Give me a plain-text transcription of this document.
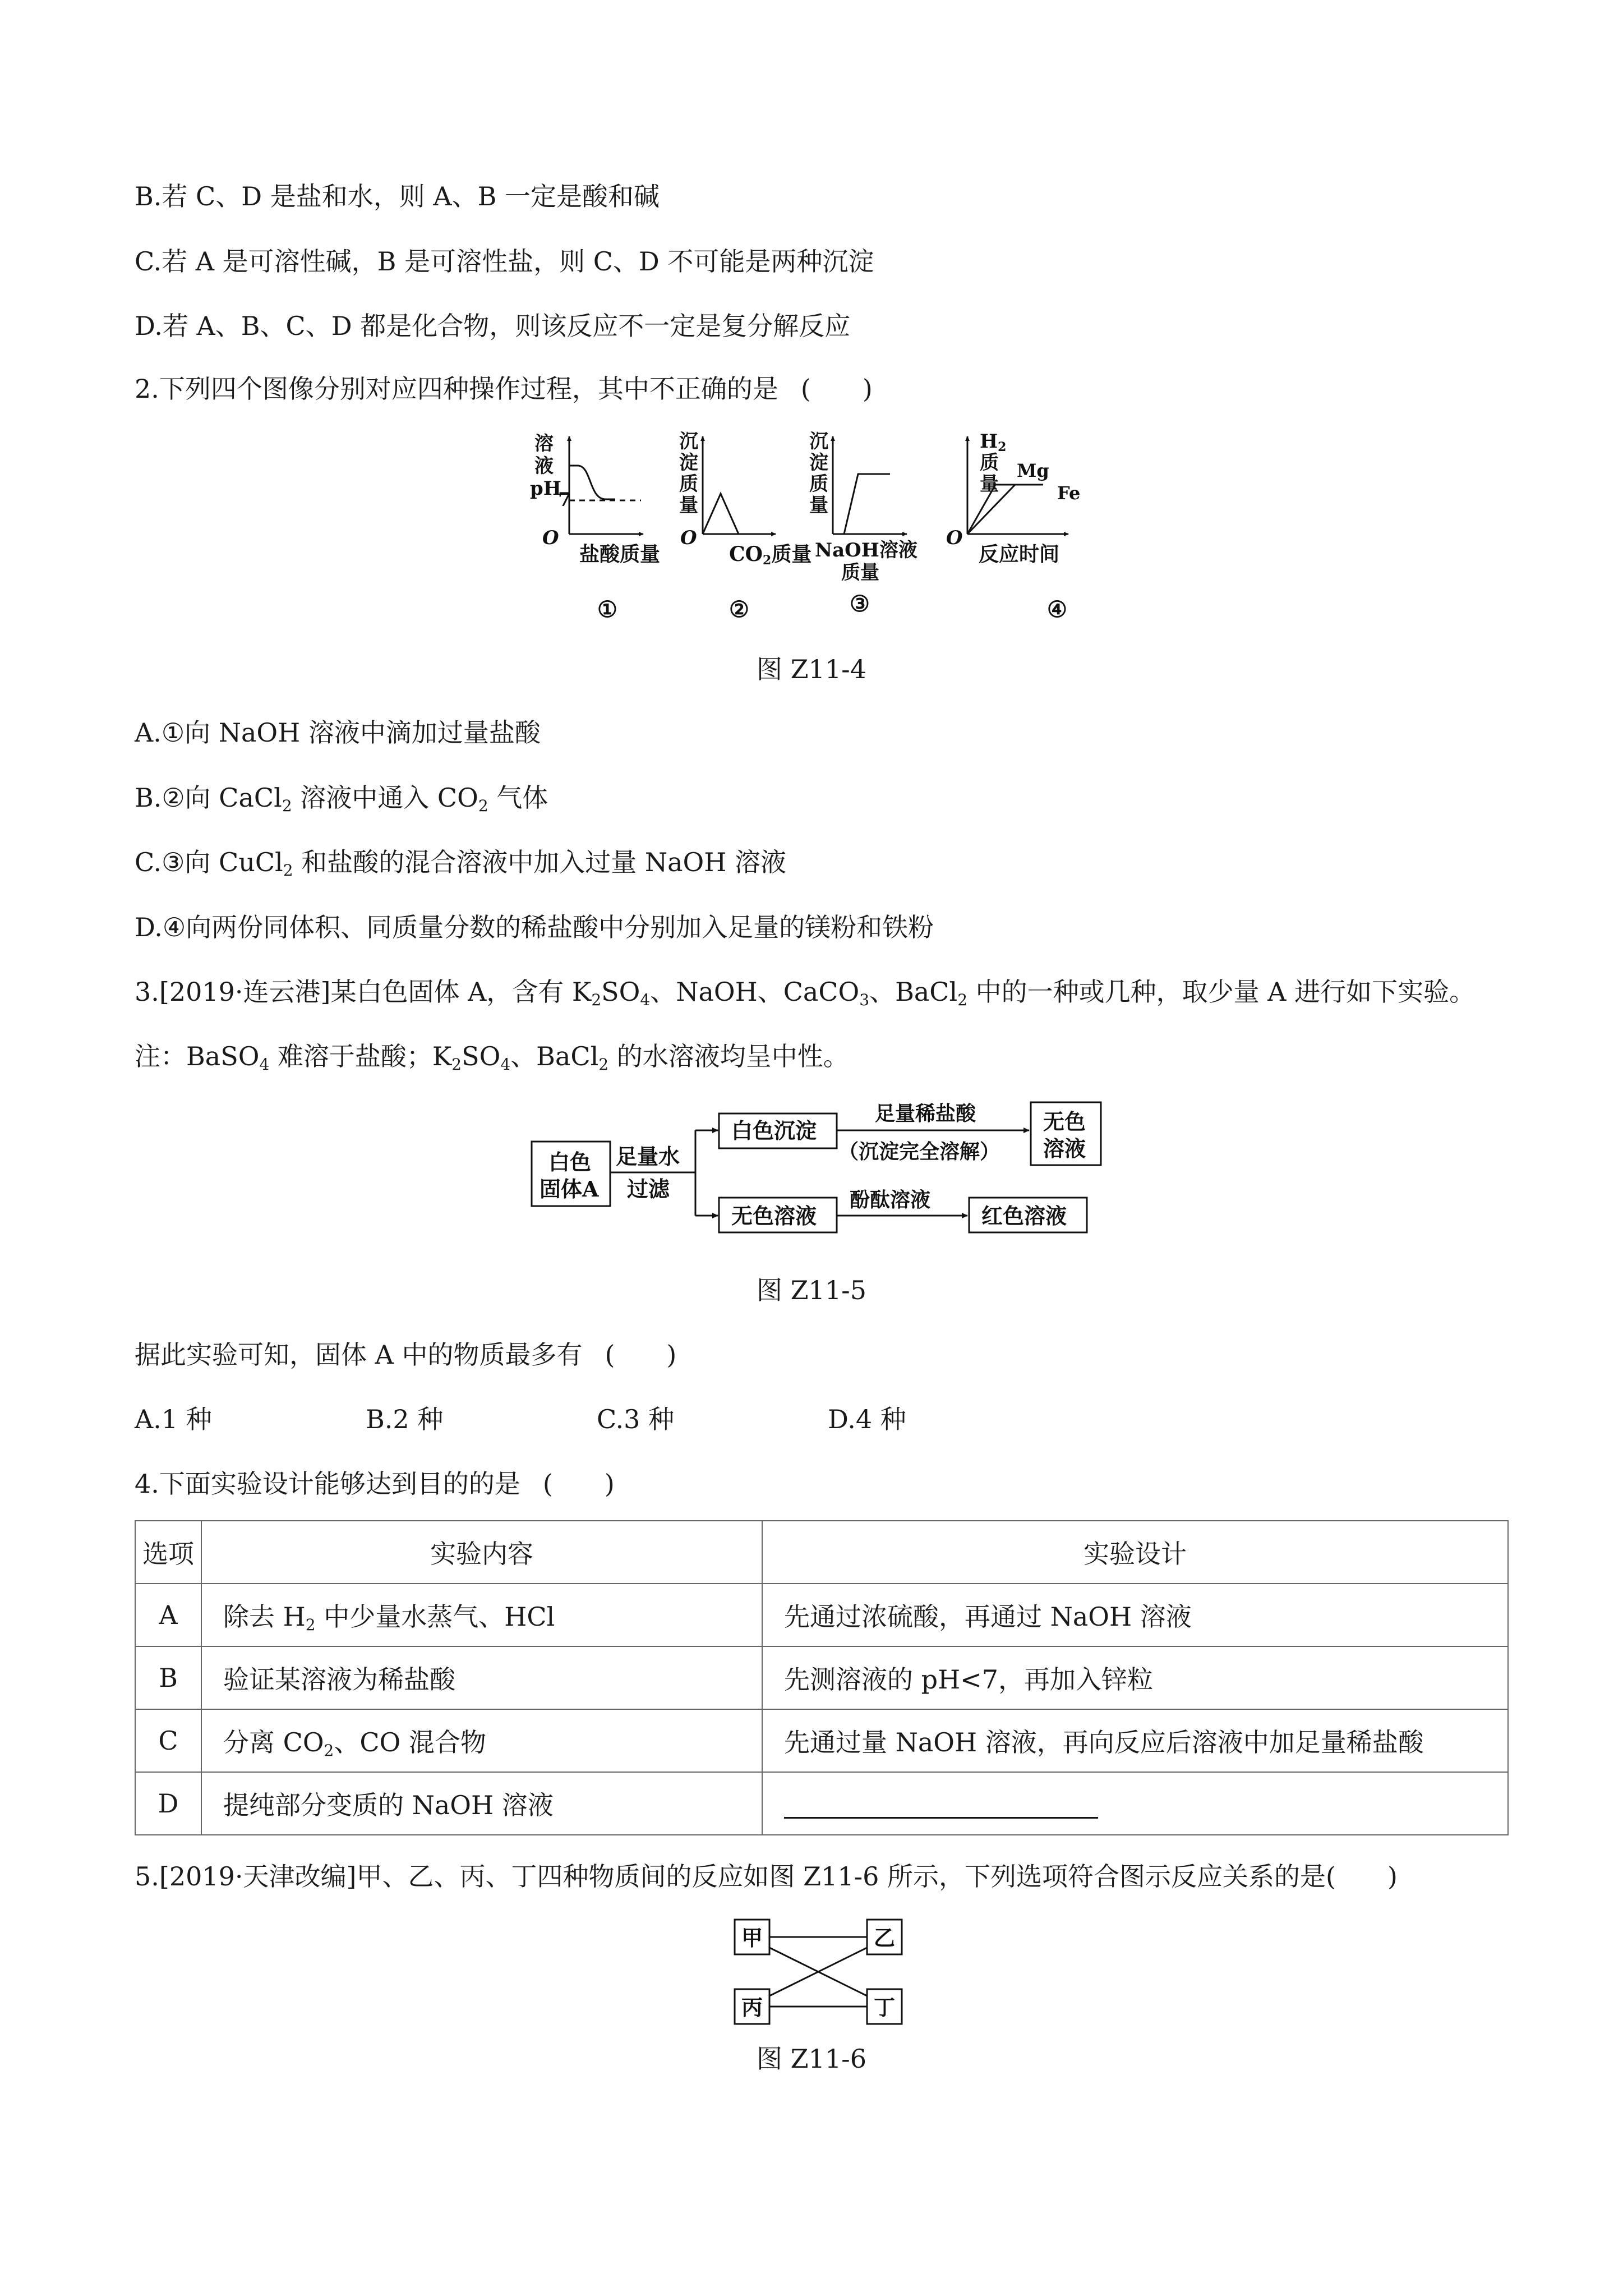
B.若 C、D 是盐和水，则 A、B 一定是酸和碱
C.若 A 是可溶性碱，B 是可溶性盐，则 C、D 不可能是两种沉淀
D.若 A、B、C、D 都是化合物，则该反应不一定是复分解反应
2.下列四个图像分别对应四种操作过程，其中不正确的是 (　　)
溶
液
pH
7
O
盐酸质量
①
沉
淀
质
量
O
CO2质量
②
沉
淀
质
量
NaOH溶液
质量
③
H2
质
量
Mg
Fe
O
反应时间
④
图 Z11-4
A.①向 NaOH 溶液中滴加过量盐酸
B.②向 CaCl$_2$ 溶液中通入 $CO_2$ 气体
C.③向 CuCl$_2$ 和盐酸的混合溶液中加入过量 NaOH 溶液
D.④向两份同体积、同质量分数的稀盐酸中分别加入足量的镁粉和铁粉
3.[2019·连云港]某白色固体 A，含有 $K_2SO_4$、NaOH、CaCO$_3$、BaCl$_2$ 中的一种或几种，取少量 A 进行如下实验。
注：BaSO$_4$ 难溶于盐酸；$K_2SO_4$、BaCl$_2$ 的水溶液均呈中性。
白色
固体A
足量水
过滤
白色沉淀
足量稀盐酸
（沉淀完全溶解）
无色
溶液
无色溶液
酚酞溶液
红色溶液
图 Z11-5
据此实验可知，固体 A 中的物质最多有 (　　)
A.1 种	B.2 种	C.3 种	D.4 种
4.下面实验设计能够达到目的的是 (　　)
选项	实验内容	实验设计
A	除去 $H_2$ 中少量水蒸气、HCl	先通过浓硫酸，再通过 NaOH 溶液
B	验证某溶液为稀盐酸	先测溶液的 pH<7，再加入锌粒
C	分离 $CO_2$、CO 混合物	先通过量 NaOH 溶液，再向反应后溶液中加足量稀盐酸
D	提纯部分变质的 NaOH 溶液	
5.[2019·天津改编]甲、乙、丙、丁四种物质间的反应如图 Z11-6 所示，下列选项符合图示反应关系的是(　　)
甲	乙
丙	丁
图 Z11-6
